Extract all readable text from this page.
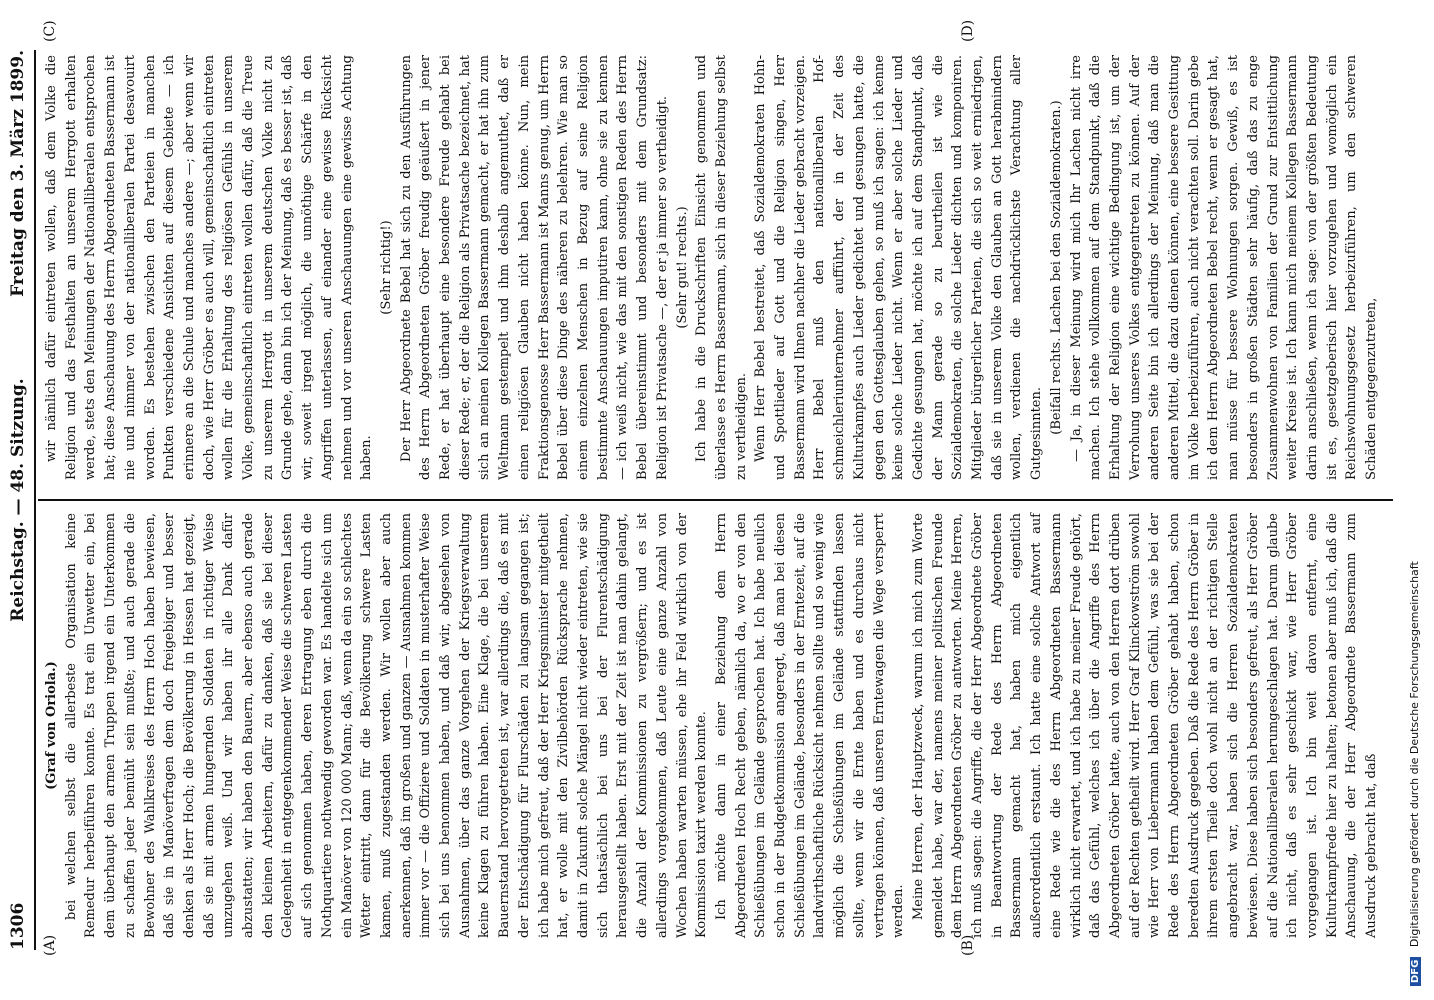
1306
Reichstag. — 48. Sitzung.
Freitag den 3. März 1899.
(A)	(B)
(C)	(D)

(Graf von Oriola.) bei welchen selbst die allerbeste Organisation keine Remedur herbeiführen konnte. Es trat ein Unwetter ein, bei dem überhaupt den armen Truppen irgend ein Unterkommen zu schaffen jeder bemüht sein mußte; und auch gerade die Bewohner des Wahlkreises des Herrn Hoch haben bewiesen, daß sie in Manöverfragen dem doch freigebiger und besser denken als Herr Hoch; die Bevölkerung in Hessen hat gezeigt, daß sie mit armen hungernden Soldaten in richtiger Weise umzugehen weiß. Und wir haben ihr alle Dank dafür abzustatten; wir haben den Bauern, aber ebenso auch gerade den kleinen Arbeitern, dafür zu danken, daß sie bei dieser Gelegenheit in entgegenkommender Weise die schweren Lasten auf sich genommen haben, deren Ertragung eben durch die Nothquartiere nothwendig geworden war. Es handelte sich um ein Manöver von 120 000 Mann; daß, wenn da ein so schlechtes Wetter eintritt, dann für die Bevölkerung schwere Lasten kamen, muß zugestanden werden. Wir wollen aber auch anerkennen, daß im großen und ganzen — Ausnahmen kommen immer vor — die Offiziere und Soldaten in musterhafter Weise sich bei uns benommen haben, und daß wir, abgesehen von Ausnahmen, über das ganze Vorgehen der Kriegsverwaltung keine Klagen zu führen haben. Eine Klage, die bei unserem Bauernstand hervorgetreten ist, war allerdings die, daß es mit der Entschädigung für Flurschäden zu langsam gegangen ist; ich habe mich gefreut, daß der Herr Kriegsminister mitgetheilt hat, er wolle mit den Zivilbehörden Rücksprache nehmen, damit in Zukunft solche Mängel nicht wieder eintreten, wie sie sich thatsächlich bei uns bei der Flurentschädigung herausgestellt haben. Erst mit der Zeit ist man dahin gelangt, die Anzahl der Kommissionen zu vergrößern; und es ist allerdings vorgekommen, daß Leute eine ganze Anzahl von Wochen haben warten müssen, ehe ihr Feld wirklich von der Kommission taxirt werden konnte. Ich möchte dann in einer Beziehung dem Herrn Abgeordneten Hoch Recht geben, nämlich da, wo er von den Schießübungen im Gelände gesprochen hat. Ich habe neulich schon in der Budgetkommission angeregt, daß man bei diesen Schießübungen im Gelände, besonders in der Erntezeit, auf die landwirthschaftliche Rücksicht nehmen sollte und so wenig wie möglich die Schießübungen im Gelände stattfinden lassen sollte, wenn wir die Ernte haben und es durchaus nicht vertragen können, daß unseren Erntewagen die Wege versperrt werden. Meine Herren, der Hauptzweck, warum ich mich zum Worte gemeldet habe, war der, namens meiner politischen Freunde dem Herrn Abgeordneten Gröber zu antworten. Meine Herren, ich muß sagen: die Angriffe, die der Herr Abgeordnete Gröber in Beantwortung der Rede des Herrn Abgeordneten Bassermann gemacht hat, haben mich eigentlich außerordentlich erstaunt. Ich hatte eine solche Antwort auf eine Rede wie die des Herrn Abgeordneten Bassermann wirklich nicht erwartet, und ich habe zu meiner Freude gehört, daß das Gefühl, welches ich über die Angriffe des Herrn Abgeordneten Gröber hatte, auch von den Herren dort drüben auf der Rechten getheilt wird. Herr Graf Klinckowström sowohl wie Herr von Liebermann haben dem Gefühl, was sie bei der Rede des Herrn Abgeordneten Gröber gehabt haben, schon beredten Ausdruck gegeben. Daß die Rede des Herrn Gröber in ihrem ersten Theile doch wohl nicht an der richtigen Stelle angebracht war, haben sich die Herren Sozialdemokraten bewiesen. Diese haben sich besonders gefreut, als Herr Gröber auf die Nationalliberalen herumgeschlagen hat. Darum glaube ich nicht, daß es sehr geschickt war, wie Herr Gröber vorgegangen ist. Ich bin weit davon entfernt, eine Kulturkampfrede hier zu halten; betonen aber muß ich, daß die Anschauung, die der Herr Abgeordnete Bassermann zum Ausdruck gebracht hat, daß

wir nämlich dafür eintreten wollen, daß dem Volke die Religion und das Festhalten an unserem Herrgott erhalten werde, stets den Meinungen der Nationalliberalen entsprochen hat; diese Anschauung des Herrn Abgeordneten Bassermann ist nie und nimmer von der nationalliberalen Partei desavouirt worden. Es bestehen zwischen den Parteien in manchen Punkten verschiedene Ansichten auf diesem Gebiete — ich erinnere an die Schule und manches andere —; aber wenn wir doch, wie Herr Gröber es auch will, gemeinschaftlich eintreten wollen für die Erhaltung des religiösen Gefühls in unserem Volke, gemeinschaftlich eintreten wollen dafür, daß die Treue zu unserem Herrgott in unserem deutschen Volke nicht zu Grunde gehe, dann bin ich der Meinung, daß es besser ist, daß wir, soweit irgend möglich, die unnöthige Schärfe in den Angriffen unterlassen, auf einander eine gewisse Rücksicht nehmen und vor unseren Anschauungen eine gewisse Achtung haben.

(Sehr richtig!) Der Herr Abgeordnete Bebel hat sich zu den Ausführungen des Herrn Abgeordneten Gröber freudig geäußert in jener Rede, er hat überhaupt eine besondere Freude gehabt bei dieser Rede; er, der die Religion als Privatsache bezeichnet, hat sich an meinen Kollegen Bassermann gemacht, er hat ihn zum Weltmann gestempelt und ihm deshalb angemuthet, daß er einen religiösen Glauben nicht haben könne. Nun, mein Fraktionsgenosse Herr Bassermann ist Manns genug, um Herrn Bebel über diese Dinge des näheren zu belehren. Wie man so einem einzelnen Menschen in Bezug auf seine Religion bestimmte Anschauungen imputiren kann, ohne sie zu kennen — ich weiß nicht, wie das mit den sonstigen Reden des Herrn Bebel übereinstimmt und besonders mit dem Grundsatz: Religion ist Privatsache —, der er ja immer so vertheidigt. (Sehr gut! rechts.) Ich habe in die Druckschriften Einsicht genommen und überlasse es Herrn Bassermann, sich in dieser Beziehung selbst zu vertheidigen. Wenn Herr Bebel bestreitet, daß Sozialdemokraten Hohn- und Spottlieder auf Gott und die Religion singen, Herr Bassermann wird Ihnen nachher die Lieder gebracht vorzeigen. Herr Bebel muß den nationalliberalen Hof- schmeichleriunternehmer aufführt, der in der Zeit des Kulturkampfes auch Lieder gedichtet und gesungen hatte, die gegen den Gottesglauben gehen, so muß ich sagen: ich kenne keine solche Lieder nicht. Wenn er aber solche Lieder und Gedichte gesungen hat, möchte ich auf dem Standpunkt, daß der Mann gerade so zu beurtheilen ist wie die Sozialdemokraten, die solche Lieder dichten und komponiren. Mitglieder bürgerlicher Parteien, die sich so weit erniedrigen, daß sie in unserem Volke den Glauben an Gott herabmindern wollen, verdienen die nachdrücklichste Verachtung aller Gutgesinnten. (Beifall rechts. Lachen bei den Sozialdemokraten.) — Ja, in dieser Meinung wird mich Ihr Lachen nicht irre machen. Ich stehe vollkommen auf dem Standpunkt, daß die Erhaltung der Religion eine wichtige Bedingung ist, um der Verrohung unseres Volkes entgegentreten zu können. Auf der anderen Seite bin ich allerdings der Meinung, daß man die anderen Mittel, die dazu dienen können, eine bessere Gesittung im Volke herbeizuführen, auch nicht verachten soll. Darin gebe ich dem Herrn Abgeordneten Bebel recht, wenn er gesagt hat, man müsse für bessere Wohnungen sorgen. Gewiß, es ist besonders in großen Städten sehr häufig, daß das zu enge Zusammenwohnen von Familien der Grund zur Entsittlichung weiter Kreise ist. Ich kann mich meinem Kollegen Bassermann darin anschließen, wenn ich sage: von der größten Bedeutung ist es, gesetzgeberisch hier vorzugehen und womöglich ein Reichswohnungsgesetz herbeizuführen, um den schweren Schäden entgegenzutreten,

DFG Digitalisierung gefördert durch die Deutsche Forschungsgemeinschaft
